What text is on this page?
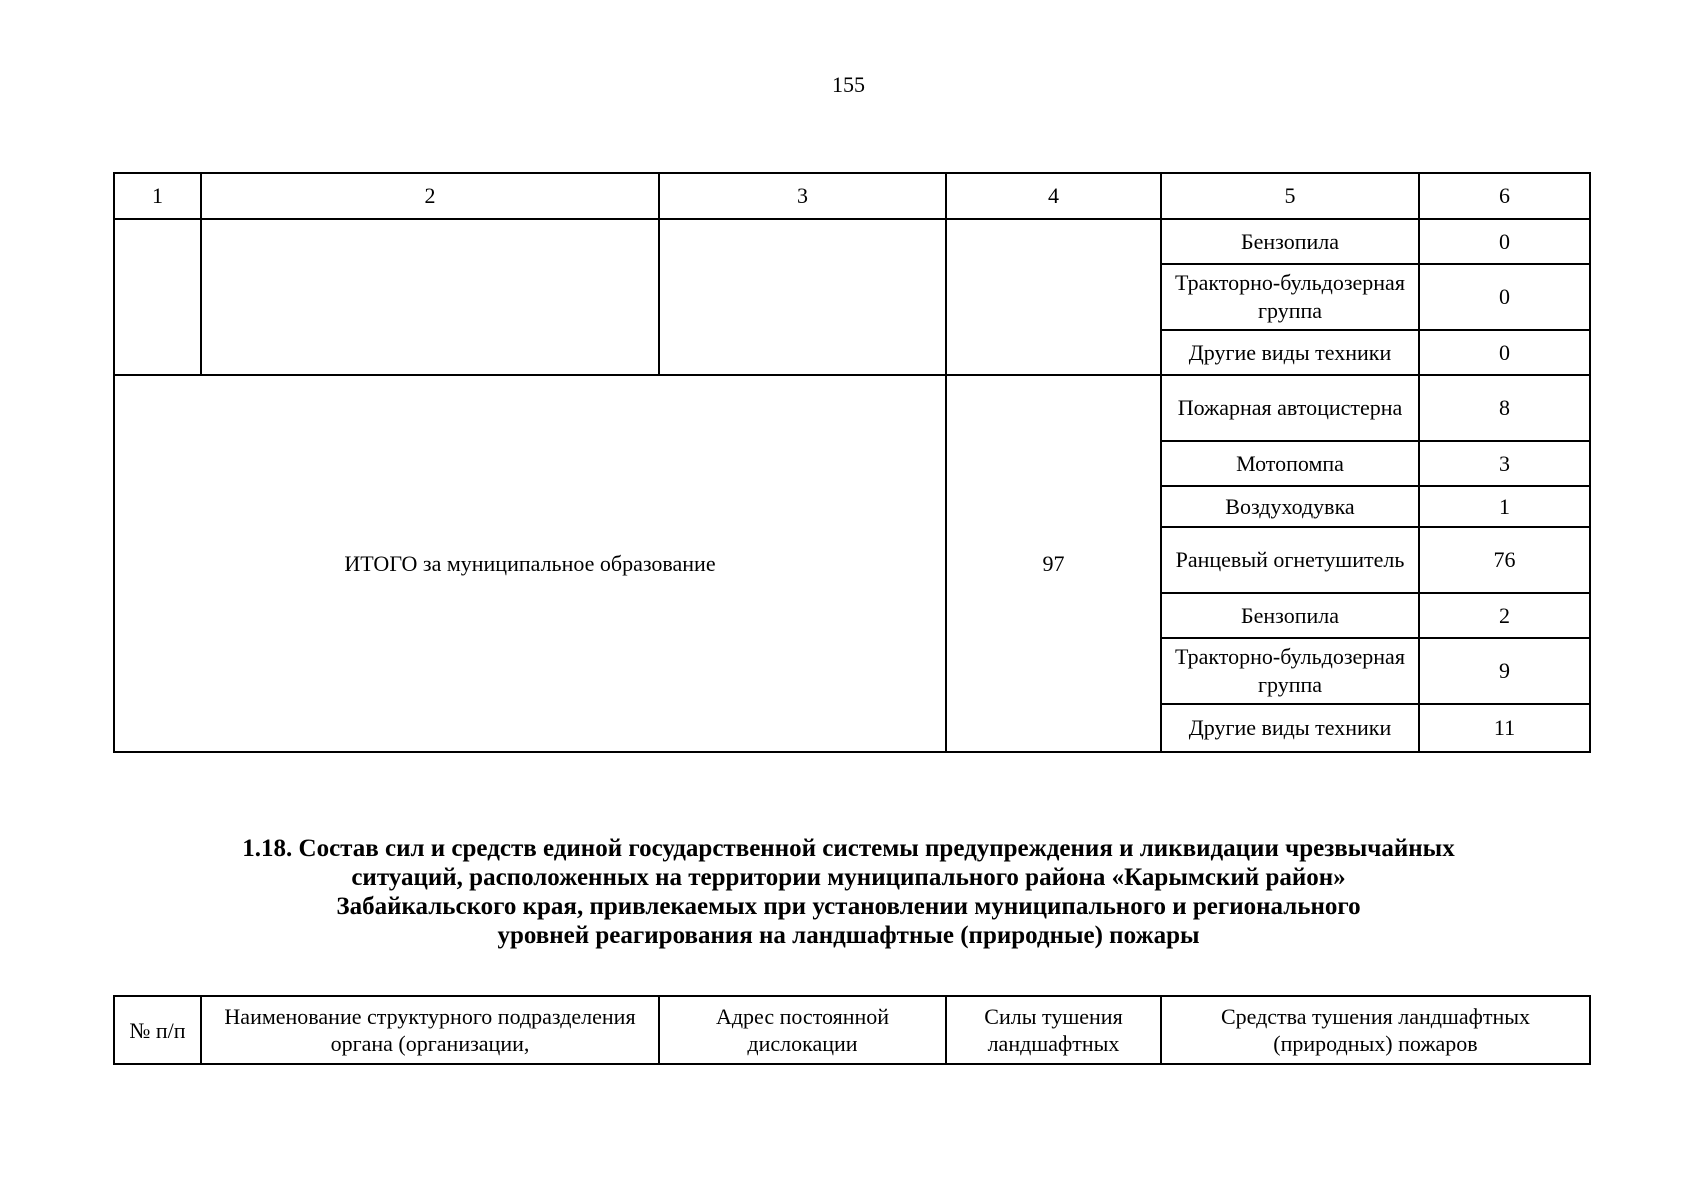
155
1	2	3	4	5	6
				Бензопила	0
				Тракторно-бульдозерная группа	0
				Другие виды техники	0
ИТОГО за муниципальное образование			97	Пожарная автоцистерна	8
				Мотопомпа	3
				Воздуходувка	1
				Ранцевый огнетушитель	76
				Бензопила	2
				Тракторно-бульдозерная группа	9
				Другие виды техники	11
1.18. Состав сил и средств единой государственной системы предупреждения и ликвидации чрезвычайных
ситуаций, расположенных на территории муниципального района «Карымский район»
Забайкальского края, привлекаемых при установлении муниципального и регионального
уровней реагирования на ландшафтные (природные) пожары
№ п/п	Наименование структурного подразделения органа (организации,	Адрес постоянной дислокации	Силы тушения ландшафтных	Средства тушения ландшафтных (природных) пожаров
